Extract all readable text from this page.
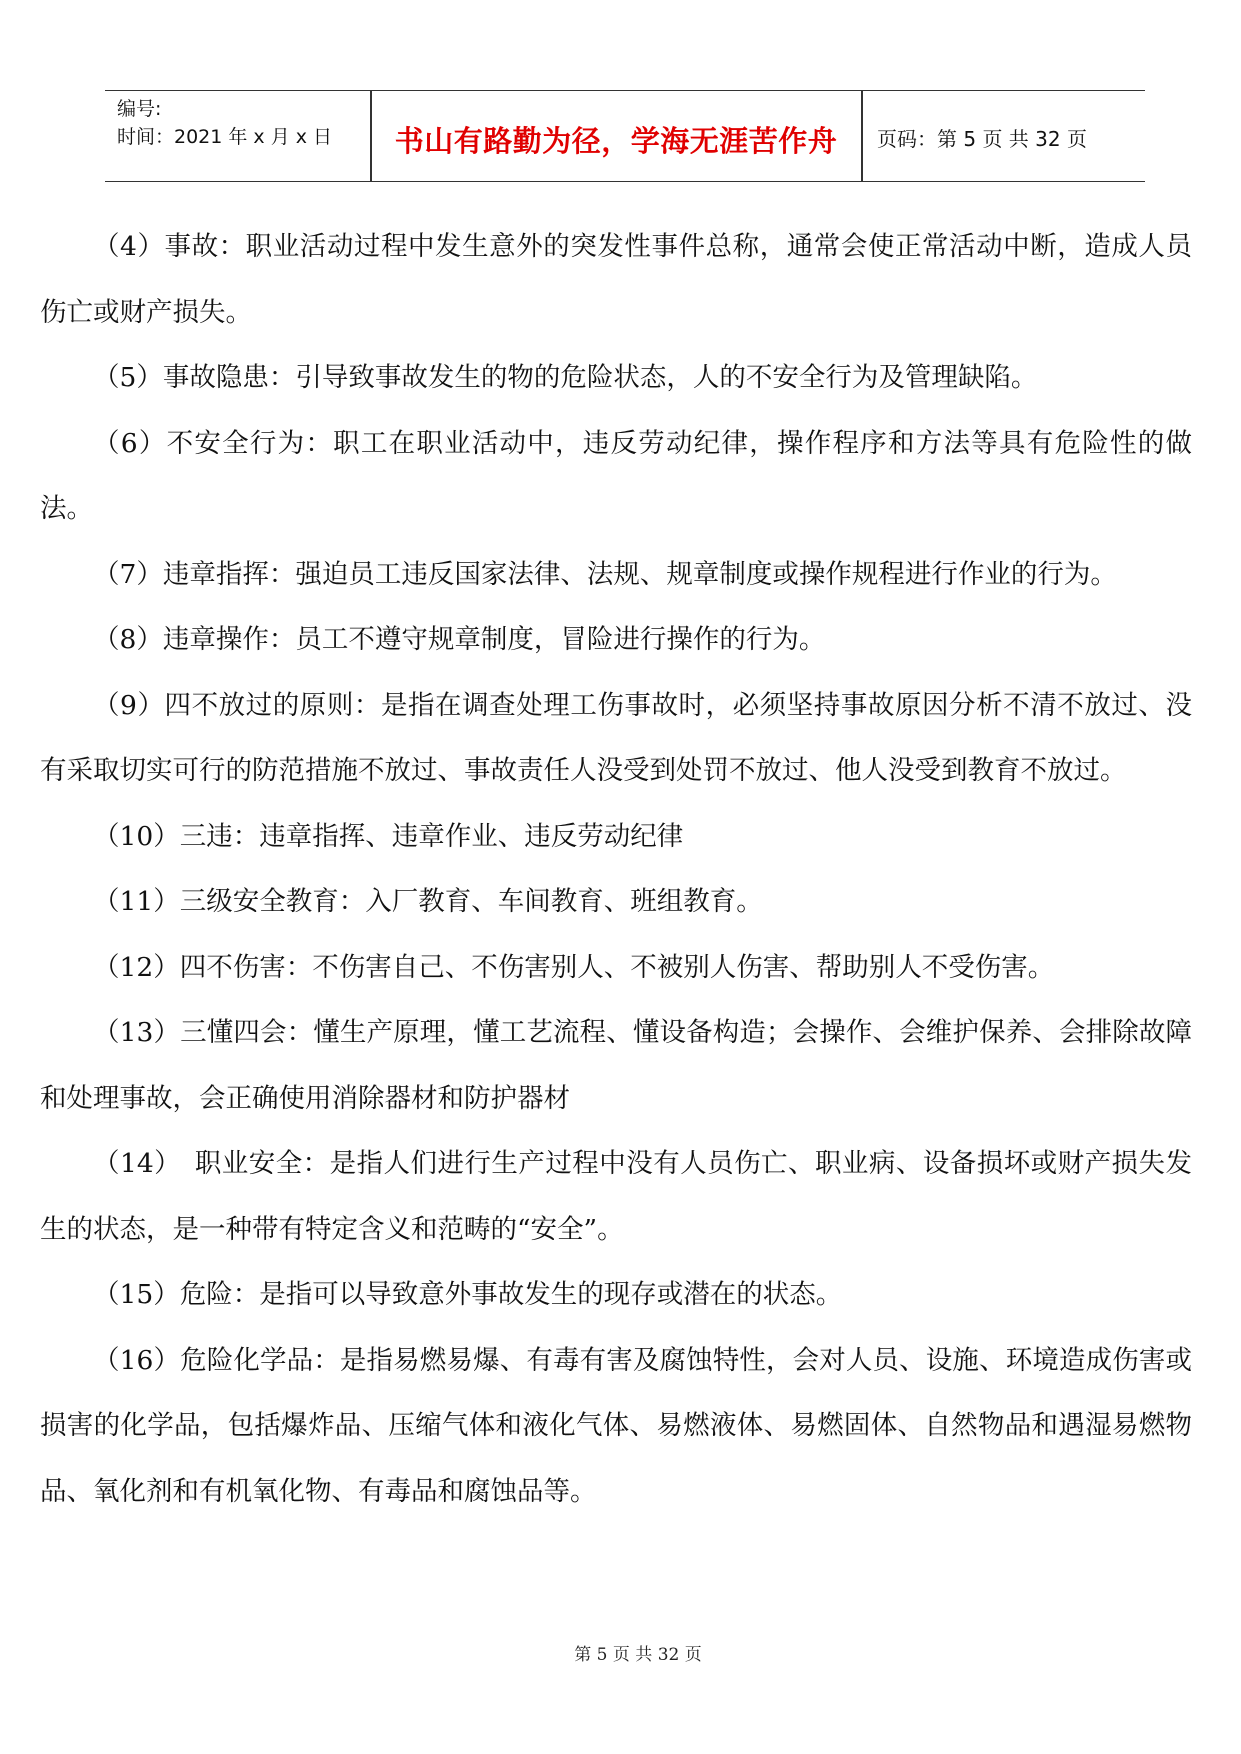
编号:
时间：2021 年 x 月 x 日	书山有路勤为径，学海无涯苦作舟	页码：第 5 页 共 32 页

（4）事故：职业活动过程中发生意外的突发性事件总称，通常会使正常活动中断，造成人员伤亡或财产损失。

（5）事故隐患：引导致事故发生的物的危险状态，人的不安全行为及管理缺陷。

（6）不安全行为：职工在职业活动中，违反劳动纪律，操作程序和方法等具有危险性的做法。

（7）违章指挥：强迫员工违反国家法律、法规、规章制度或操作规程进行作业的行为。

（8）违章操作：员工不遵守规章制度，冒险进行操作的行为。

（9）四不放过的原则：是指在调查处理工伤事故时，必须坚持事故原因分析不清不放过、没有采取切实可行的防范措施不放过、事故责任人没受到处罚不放过、他人没受到教育不放过。

（10）三违：违章指挥、违章作业、违反劳动纪律

（11）三级安全教育：入厂教育、车间教育、班组教育。

（12）四不伤害：不伤害自己、不伤害别人、不被别人伤害、帮助别人不受伤害。

（13）三懂四会：懂生产原理，懂工艺流程、懂设备构造；会操作、会维护保养、会排除故障和处理事故，会正确使用消除器材和防护器材

（14）　职业安全：是指人们进行生产过程中没有人员伤亡、职业病、设备损坏或财产损失发生的状态，是一种带有特定含义和范畴的“安全”。

（15）危险：是指可以导致意外事故发生的现存或潜在的状态。

（16）危险化学品：是指易燃易爆、有毒有害及腐蚀特性，会对人员、设施、环境造成伤害或损害的化学品，包括爆炸品、压缩气体和液化气体、易燃液体、易燃固体、自然物品和遇湿易燃物品、氧化剂和有机氧化物、有毒品和腐蚀品等。

第 5 页 共 32 页
